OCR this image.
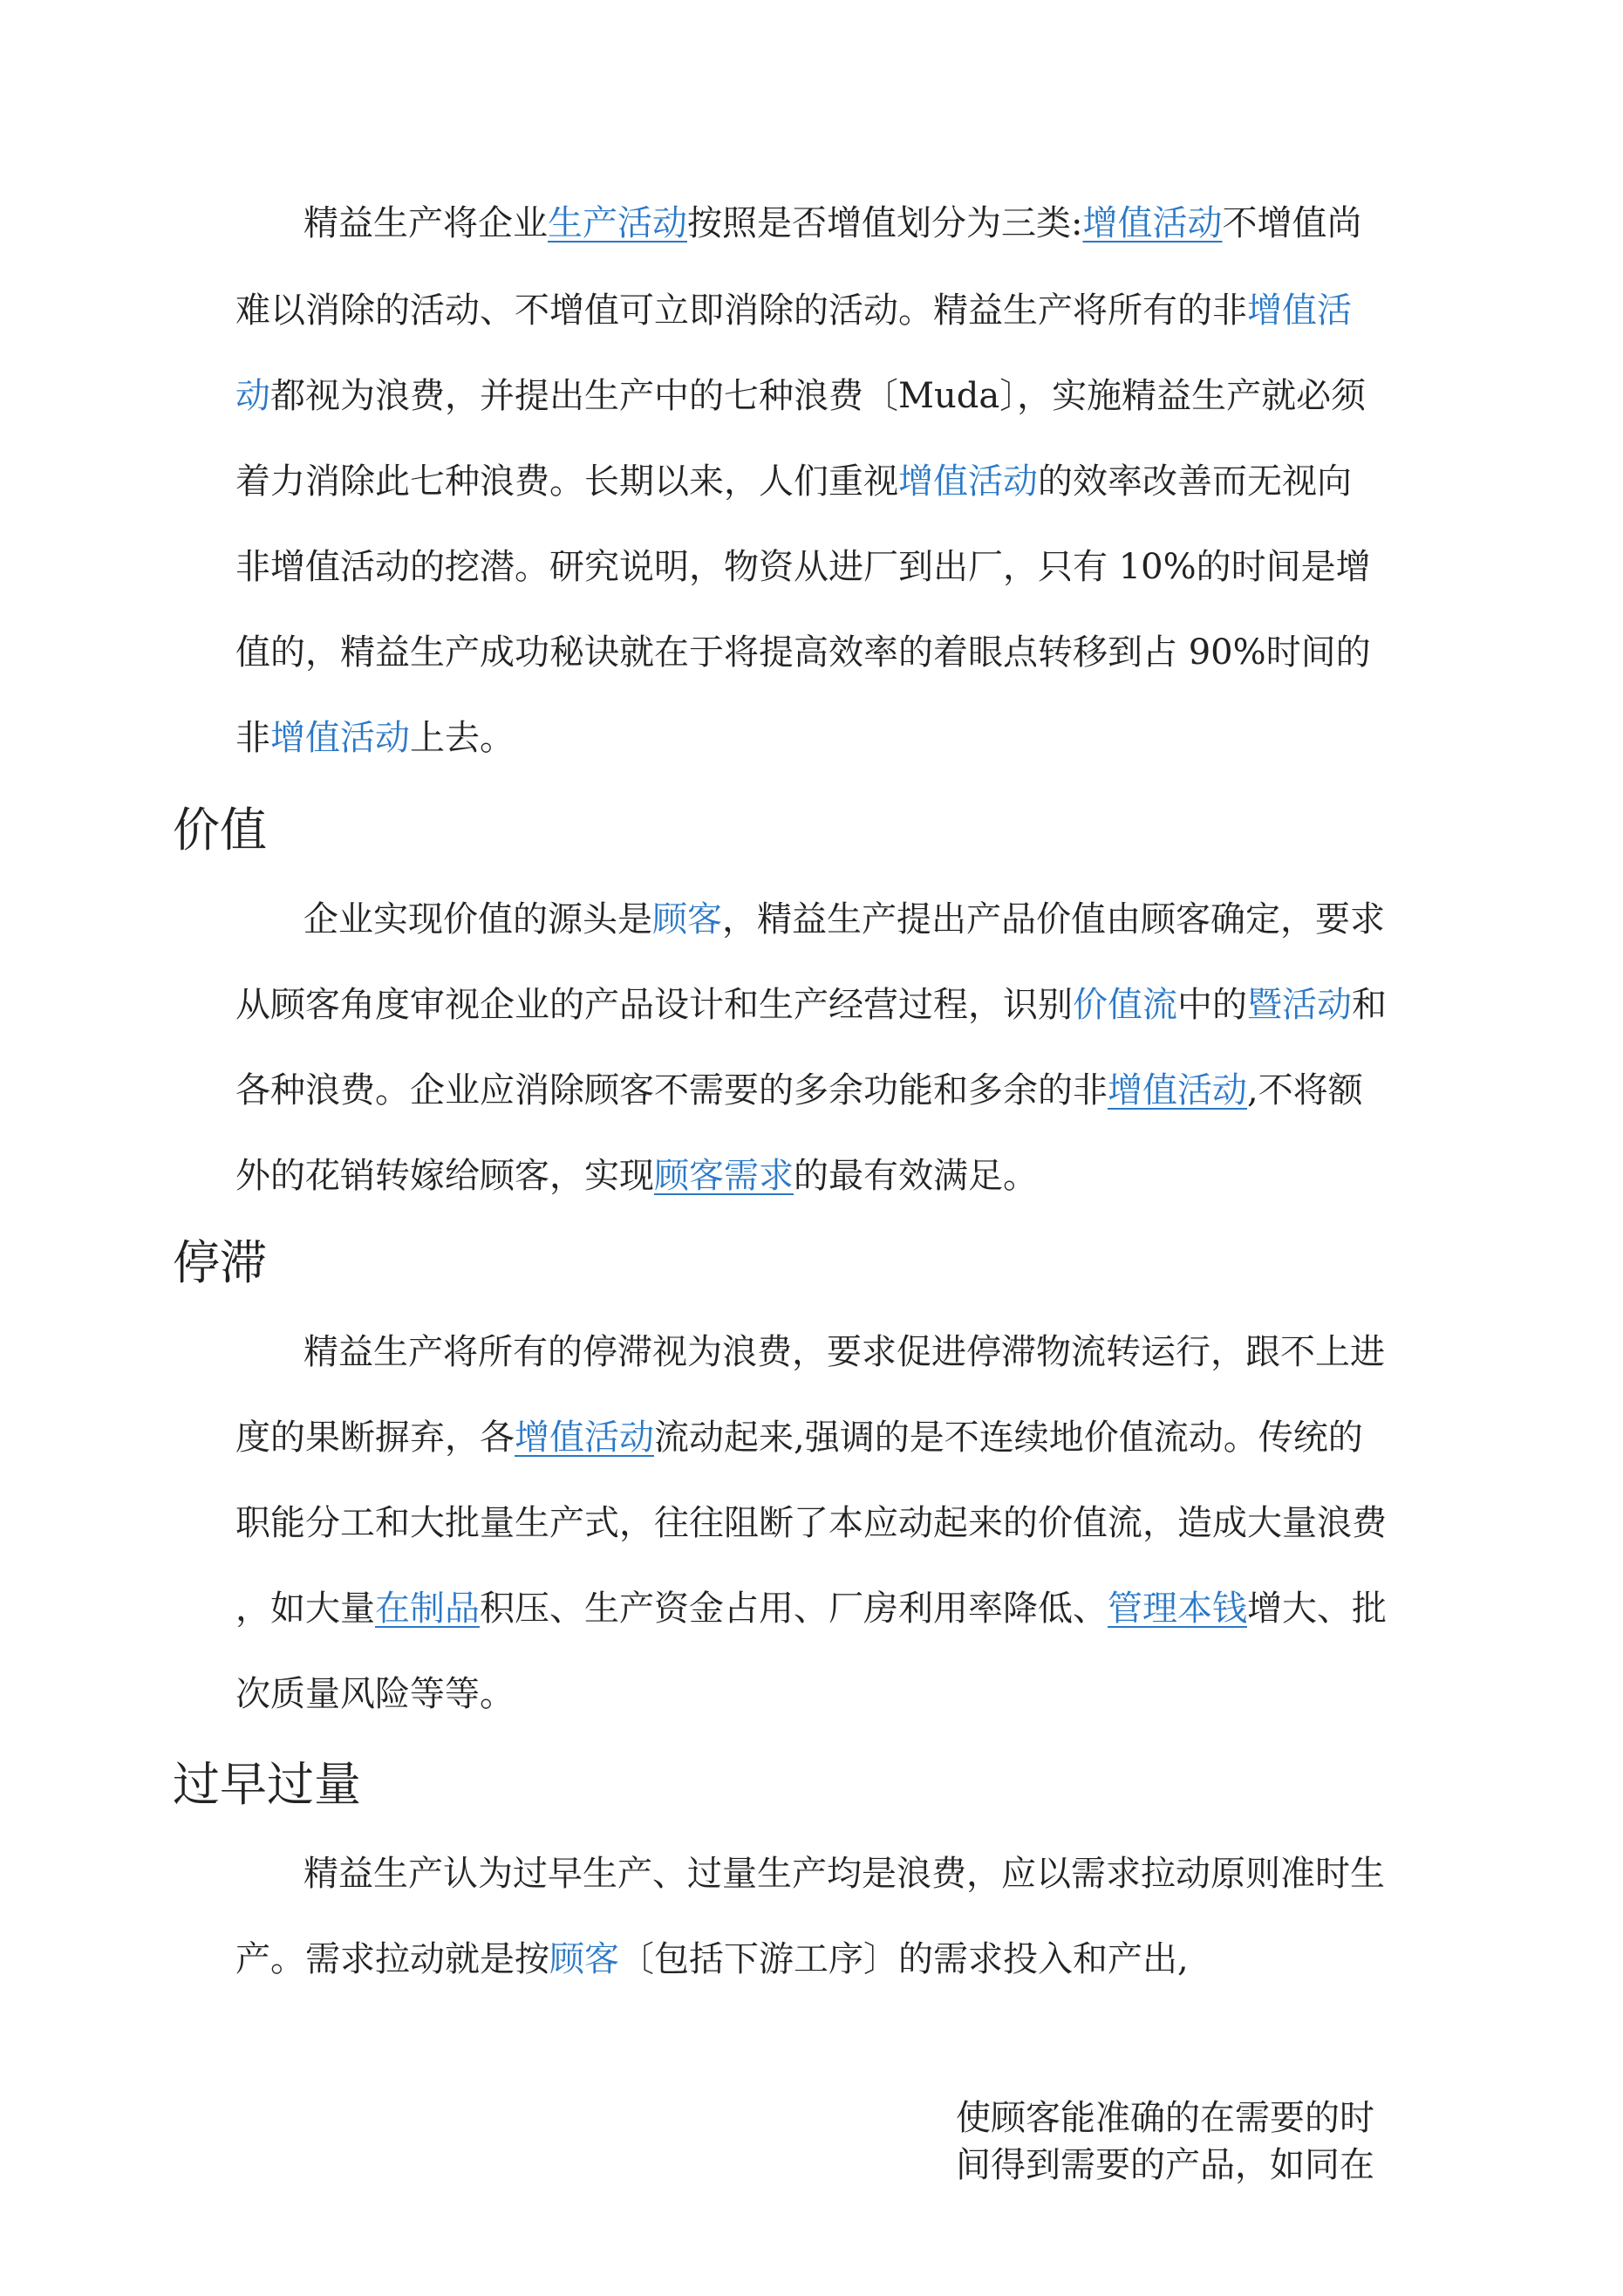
精益生产将企业生产活动按照是否增值划分为三类:增值活动不增值尚
难以消除的活动、不增值可立即消除的活动。精益生产将所有的非增值活
动都视为浪费，并提出生产中的七种浪费〔Muda〕，实施精益生产就必须
着力消除此七种浪费。长期以来，人们重视增值活动的效率改善而无视向
非增值活动的挖潜。研究说明，物资从进厂到出厂，只有 10%的时间是增
值的，精益生产成功秘诀就在于将提高效率的着眼点转移到占 90%时间的
非增值活动上去。
价值
企业实现价值的源头是顾客，精益生产提出产品价值由顾客确定，要求
从顾客角度审视企业的产品设计和生产经营过程，识别价值流中的暨活动和
各种浪费。企业应消除顾客不需要的多余功能和多余的非增值活动,不将额
外的花销转嫁给顾客，实现顾客需求的最有效满足。
停滞
精益生产将所有的停滞视为浪费，要求促进停滞物流转运行，跟不上进
度的果断摒弃，各增值活动流动起来,强调的是不连续地价值流动。传统的
职能分工和大批量生产式，往往阻断了本应动起来的价值流，造成大量浪费
，如大量在制品积压、生产资金占用、厂房利用率降低、管理本钱增大、批
次质量风险等等。
过早过量
精益生产认为过早生产、过量生产均是浪费，应以需求拉动原则准时生
产。需求拉动就是按顾客〔包括下游工序〕的需求投入和产出,
使顾客能准确的在需要的时
间得到需要的产品，如同在
